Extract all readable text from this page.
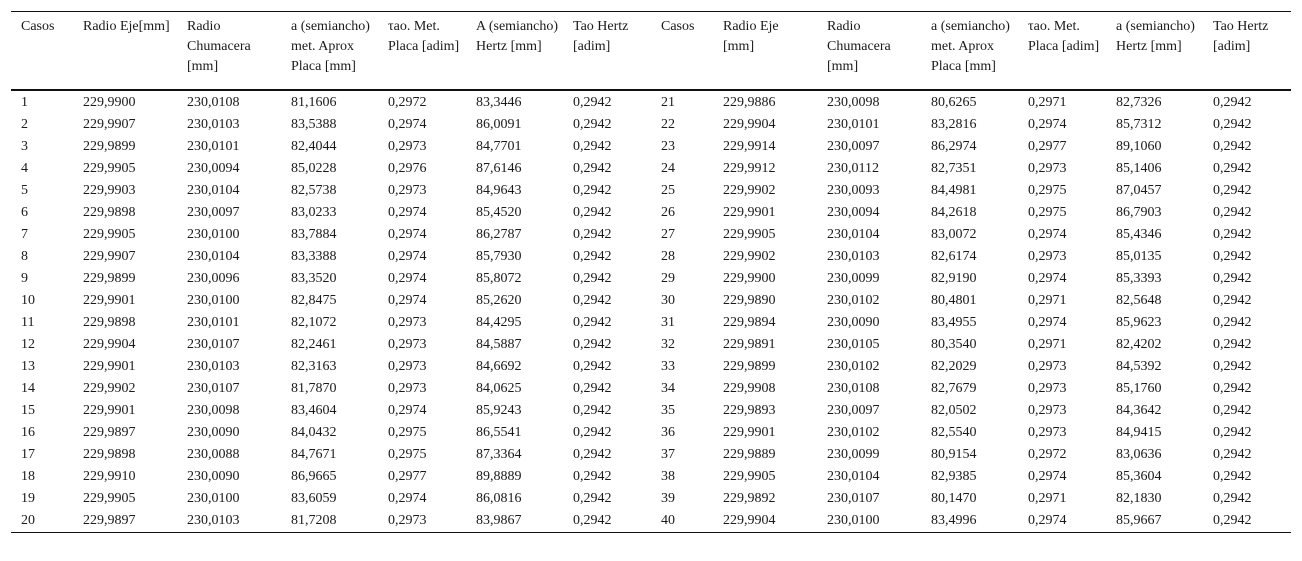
Casos	Radio Eje[mm]	Radio Chumacera [mm]	a (semiancho) met. Aprox Placa [mm]	τao. Met. Placa [adim]	A (semiancho) Hertz [mm]	Tao Hertz [adim]	Casos	Radio Eje [mm]	Radio Chumacera [mm]	a (semiancho) met. Aprox Placa [mm]	τao. Met. Placa [adim]	a (semiancho) Hertz [mm]	Tao Hertz [adim]
1	229,9900	230,0108	81,1606	0,2972	83,3446	0,2942	21	229,9886	230,0098	80,6265	0,2971	82,7326	0,2942
2	229,9907	230,0103	83,5388	0,2974	86,0091	0,2942	22	229,9904	230,0101	83,2816	0,2974	85,7312	0,2942
3	229,9899	230,0101	82,4044	0,2973	84,7701	0,2942	23	229,9914	230,0097	86,2974	0,2977	89,1060	0,2942
4	229,9905	230,0094	85,0228	0,2976	87,6146	0,2942	24	229,9912	230,0112	82,7351	0,2973	85,1406	0,2942
5	229,9903	230,0104	82,5738	0,2973	84,9643	0,2942	25	229,9902	230,0093	84,4981	0,2975	87,0457	0,2942
6	229,9898	230,0097	83,0233	0,2974	85,4520	0,2942	26	229,9901	230,0094	84,2618	0,2975	86,7903	0,2942
7	229,9905	230,0100	83,7884	0,2974	86,2787	0,2942	27	229,9905	230,0104	83,0072	0,2974	85,4346	0,2942
8	229,9907	230,0104	83,3388	0,2974	85,7930	0,2942	28	229,9902	230,0103	82,6174	0,2973	85,0135	0,2942
9	229,9899	230,0096	83,3520	0,2974	85,8072	0,2942	29	229,9900	230,0099	82,9190	0,2974	85,3393	0,2942
10	229,9901	230,0100	82,8475	0,2974	85,2620	0,2942	30	229,9890	230,0102	80,4801	0,2971	82,5648	0,2942
11	229,9898	230,0101	82,1072	0,2973	84,4295	0,2942	31	229,9894	230,0090	83,4955	0,2974	85,9623	0,2942
12	229,9904	230,0107	82,2461	0,2973	84,5887	0,2942	32	229,9891	230,0105	80,3540	0,2971	82,4202	0,2942
13	229,9901	230,0103	82,3163	0,2973	84,6692	0,2942	33	229,9899	230,0102	82,2029	0,2973	84,5392	0,2942
14	229,9902	230,0107	81,7870	0,2973	84,0625	0,2942	34	229,9908	230,0108	82,7679	0,2973	85,1760	0,2942
15	229,9901	230,0098	83,4604	0,2974	85,9243	0,2942	35	229,9893	230,0097	82,0502	0,2973	84,3642	0,2942
16	229,9897	230,0090	84,0432	0,2975	86,5541	0,2942	36	229,9901	230,0102	82,5540	0,2973	84,9415	0,2942
17	229,9898	230,0088	84,7671	0,2975	87,3364	0,2942	37	229,9889	230,0099	80,9154	0,2972	83,0636	0,2942
18	229,9910	230,0090	86,9665	0,2977	89,8889	0,2942	38	229,9905	230,0104	82,9385	0,2974	85,3604	0,2942
19	229,9905	230,0100	83,6059	0,2974	86,0816	0,2942	39	229,9892	230,0107	80,1470	0,2971	82,1830	0,2942
20	229,9897	230,0103	81,7208	0,2973	83,9867	0,2942	40	229,9904	230,0100	83,4996	0,2974	85,9667	0,2942
